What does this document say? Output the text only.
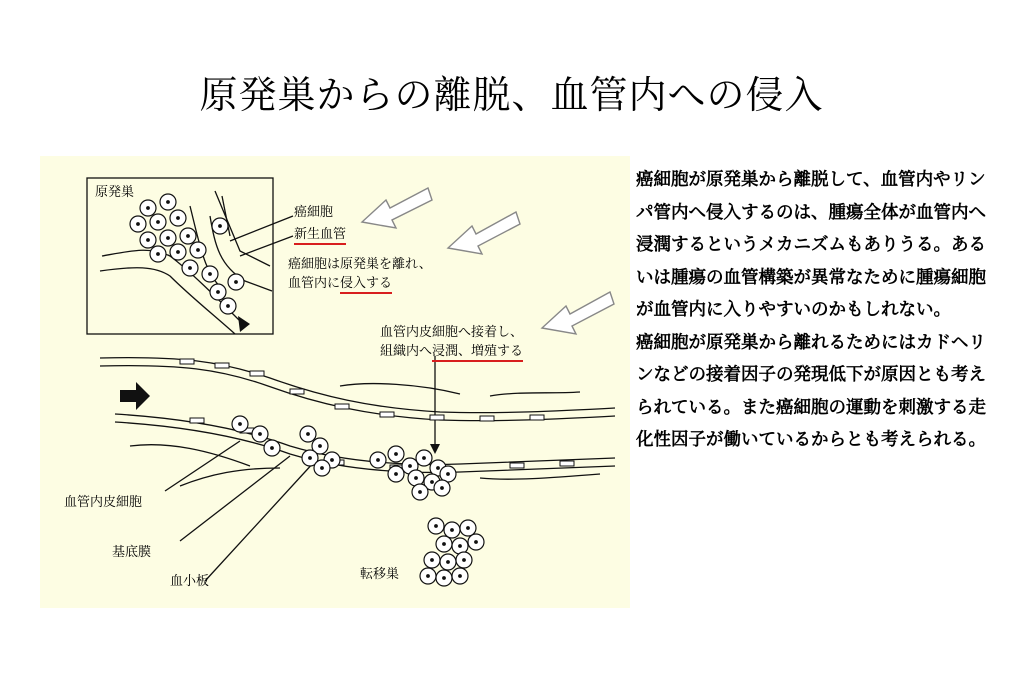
原発巣からの離脱、血管内への侵入
原発巣
癌細胞
新生血管
癌細胞は原発巣を離れ、
血管内に侵入する
血管内皮細胞へ接着し、
組織内へ浸潤、増殖する
血管内皮細胞
基底膜
血小板	転移巣

癌細胞が原発巣から離脱して、血管内やリンパ管内へ侵入するのは、腫瘍全体が血管内へ浸潤するというメカニズムもありうる。あるいは腫瘍の血管構築が異常なために腫瘍細胞が血管内に入りやすいのかもしれない。

癌細胞が原発巣から離れるためにはカドヘリンなどの接着因子の発現低下が原因とも考えられている。また癌細胞の運動を刺激する走化性因子が働いているからとも考えられる。
